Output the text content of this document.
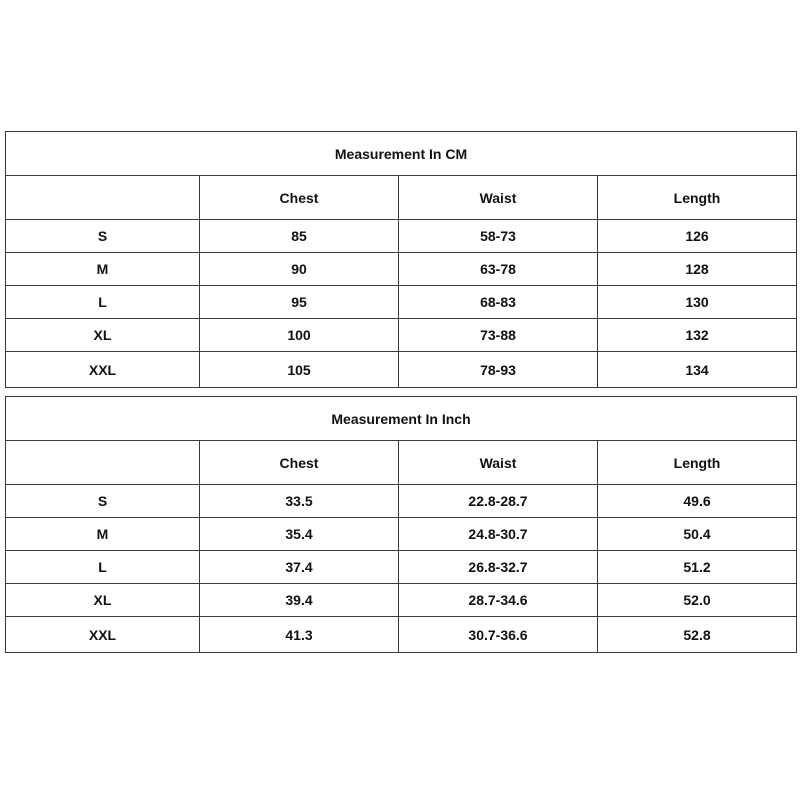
Measurement In CM			
	Chest	Waist	Length
S	85	58-73	126
M	90	63-78	128
L	95	68-83	130
XL	100	73-88	132
XXL	105	78-93	134
Measurement In Inch			
	Chest	Waist	Length
S	33.5	22.8-28.7	49.6
M	35.4	24.8-30.7	50.4
L	37.4	26.8-32.7	51.2
XL	39.4	28.7-34.6	52.0
XXL	41.3	30.7-36.6	52.8
